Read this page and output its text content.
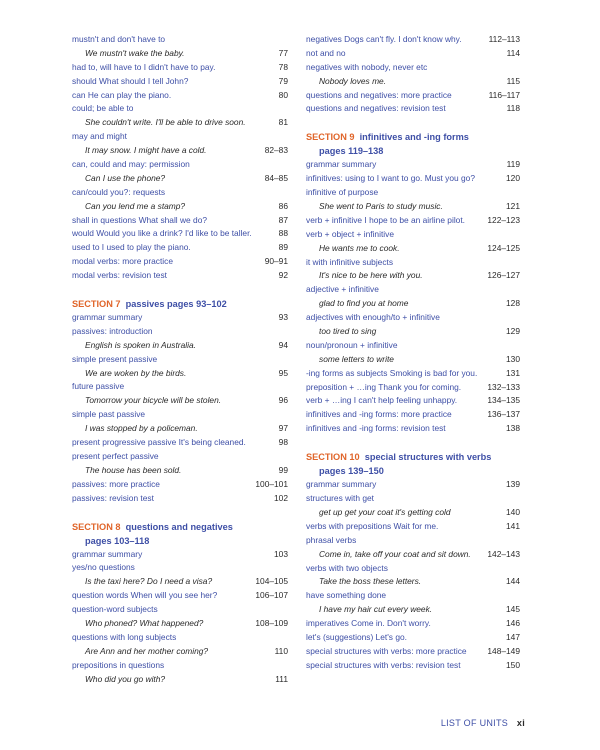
mustn't and don't have to
We mustn't wake the baby.	77
had to, will have to I didn't have to pay.	78
should What should I tell John?	79
can He can play the piano.	80
could; be able to
She couldn't write. I'll be able to drive soon.	81
may and might
It may snow. I might have a cold.	82–83
can, could and may: permission
Can I use the phone?	84–85
can/could you?: requests
Can you lend me a stamp?	86
shall in questions What shall we do?	87
would Would you like a drink? I'd like to be taller.	88
used to I used to play the piano.	89
modal verbs: more practice	90–91
modal verbs: revision test	92
SECTION 7 passives pages 93–102
grammar summary	93
passives: introduction
English is spoken in Australia.	94
simple present passive
We are woken by the birds.	95
future passive
Tomorrow your bicycle will be stolen.	96
simple past passive
I was stopped by a policeman.	97
present progressive passive It's being cleaned.	98
present perfect passive
The house has been sold.	99
passives: more practice	100–101
passives: revision test	102
SECTION 8 questions and negatives
pages 103–118
grammar summary	103
yes/no questions
Is the taxi here? Do I need a visa?	104–105
question words When will you see her?	106–107
question-word subjects
Who phoned? What happened?	108–109
questions with long subjects
Are Ann and her mother coming?	110
prepositions in questions
Who did you go with?	111
negatives Dogs can't fly. I don't know why.	112–113
not and no	114
negatives with nobody, never etc
Nobody loves me.	115
questions and negatives: more practice	116–117
questions and negatives: revision test	118
SECTION 9 infinitives and -ing forms
pages 119–138
grammar summary	119
infinitives: using to I want to go. Must you go?	120
infinitive of purpose
She went to Paris to study music.	121
verb + infinitive I hope to be an airline pilot.	122–123
verb + object + infinitive
He wants me to cook.	124–125
it with infinitive subjects
It's nice to be here with you.	126–127
adjective + infinitive
glad to find you at home	128
adjectives with enough/to + infinitive
too tired to sing	129
noun/pronoun + infinitive
some letters to write	130
-ing forms as subjects Smoking is bad for you.	131
preposition + …ing Thank you for coming.	132–133
verb + …ing I can't help feeling unhappy.	134–135
infinitives and -ing forms: more practice	136–137
infinitives and -ing forms: revision test	138
SECTION 10 special structures with verbs
pages 139–150
grammar summary	139
structures with get
get up get your coat it's getting cold	140
verbs with prepositions Wait for me.	141
phrasal verbs
Come in, take off your coat and sit down. 142–143
verbs with two objects
Take the boss these letters.	144
have something done
I have my hair cut every week.	145
imperatives Come in. Don't worry.	146
let's (suggestions) Let's go.	147
special structures with verbs: more practice 148–149
special structures with verbs: revision test	150
LIST OF UNITS xi
